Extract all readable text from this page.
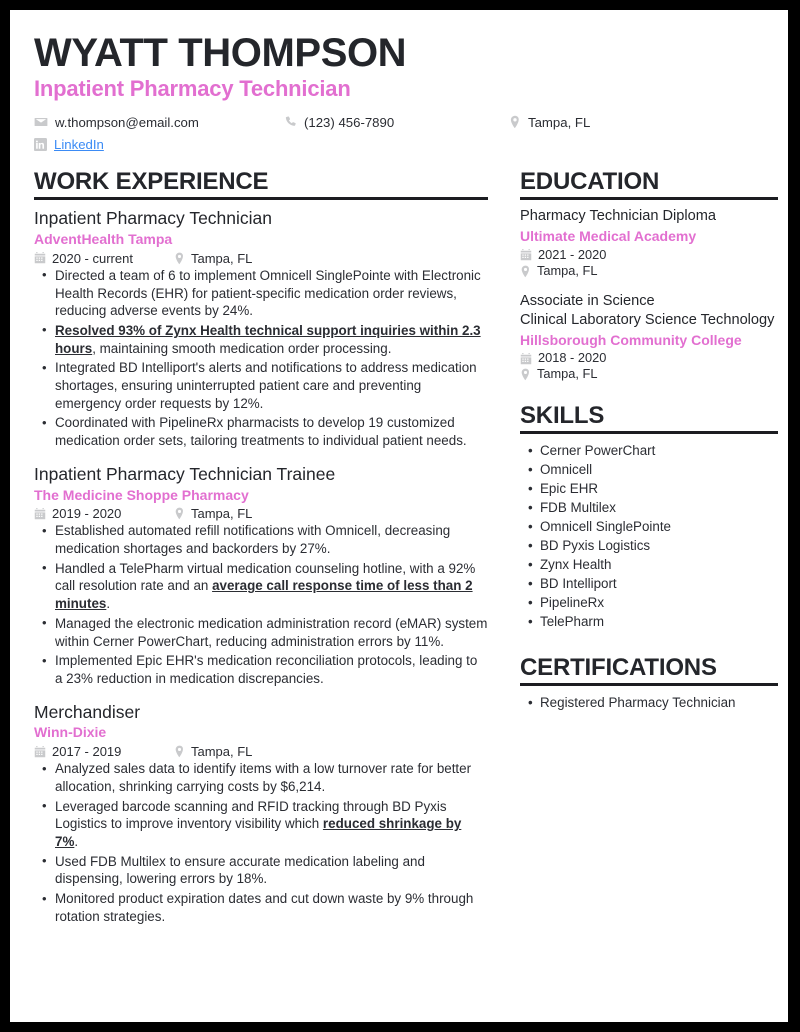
WYATT THOMPSON
Inpatient Pharmacy Technician
w.thompson@email.com	(123) 456-7890	Tampa, FL
LinkedIn
WORK EXPERIENCE
Inpatient Pharmacy Technician
AdventHealth Tampa
2020 - current	Tampa, FL
• Directed a team of 6 to implement Omnicell SinglePointe with Electronic Health Records (EHR) for patient-specific medication order reviews, reducing adverse events by 24%.
• Resolved 93% of Zynx Health technical support inquiries within 2.3 hours, maintaining smooth medication order processing.
• Integrated BD Intelliport's alerts and notifications to address medication shortages, ensuring uninterrupted patient care and preventing emergency order requests by 12%.
• Coordinated with PipelineRx pharmacists to develop 19 customized medication order sets, tailoring treatments to individual patient needs.
Inpatient Pharmacy Technician Trainee
The Medicine Shoppe Pharmacy
2019 - 2020	Tampa, FL
• Established automated refill notifications with Omnicell, decreasing medication shortages and backorders by 27%.
• Handled a TelePharm virtual medication counseling hotline, with a 92% call resolution rate and an average call response time of less than 2 minutes.
• Managed the electronic medication administration record (eMAR) system within Cerner PowerChart, reducing administration errors by 11%.
• Implemented Epic EHR's medication reconciliation protocols, leading to a 23% reduction in medication discrepancies.
Merchandiser
Winn-Dixie
2017 - 2019	Tampa, FL
• Analyzed sales data to identify items with a low turnover rate for better allocation, shrinking carrying costs by $6,214.
• Leveraged barcode scanning and RFID tracking through BD Pyxis Logistics to improve inventory visibility which reduced shrinkage by 7%.
• Used FDB Multilex to ensure accurate medication labeling and dispensing, lowering errors by 18%.
• Monitored product expiration dates and cut down waste by 9% through rotation strategies.
EDUCATION
Pharmacy Technician Diploma
Ultimate Medical Academy
2021 - 2020
Tampa, FL
Associate in Science
Clinical Laboratory Science Technology
Hillsborough Community College
2018 - 2020
Tampa, FL
SKILLS
• Cerner PowerChart
• Omnicell
• Epic EHR
• FDB Multilex
• Omnicell SinglePointe
• BD Pyxis Logistics
• Zynx Health
• BD Intelliport
• PipelineRx
• TelePharm
CERTIFICATIONS
• Registered Pharmacy Technician
